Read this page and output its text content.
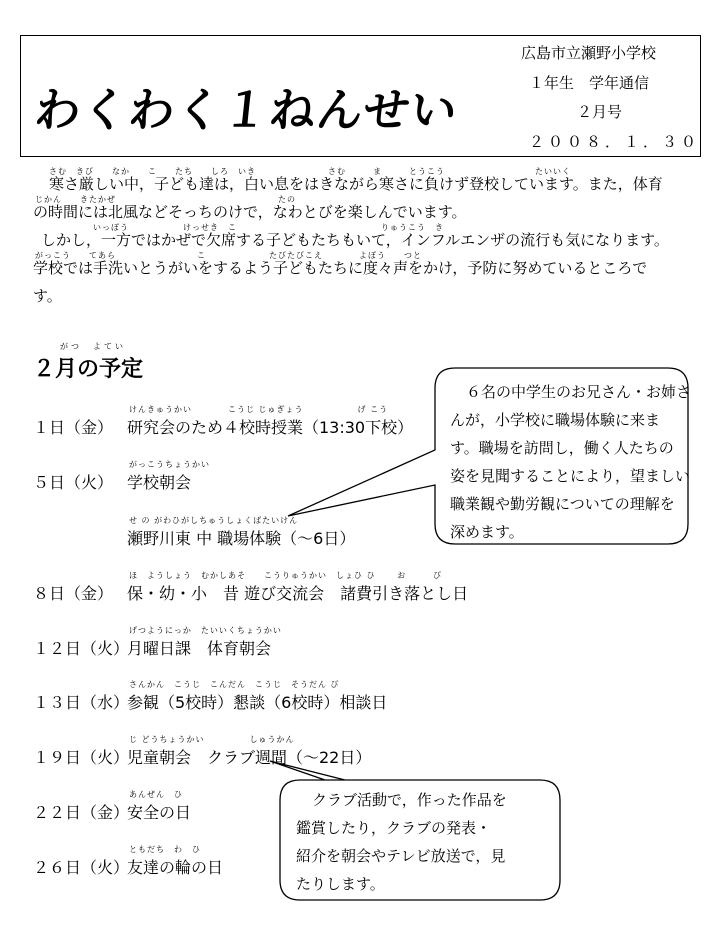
わくわく１ねんせい
広島市立瀬野小学校
１年生　学年通信
２月号
２００８．１．３０
さむ　きび　　なか　　こ　　たち　　しろ　いき　　　　　　　　さむ　　　ま　　　とうこう　　　　　　　　　　たいいく
寒さ厳しい中，子ども達は，白い息をはきながら寒さに負けず登校しています。また，体育
じかん　　きたかぜ　　　　　　　　　　　　　　　　　　たの
の時間には北風などそっちのけで，なわとびを楽しんでいます。
いっぽう　　　　　　けっせき　こ　　　　　　　　　　　　　　　　りゅうこう　き
しかし，一方ではかぜで欠席する子どもたちもいて，インフルエンザの流行も気になります。
がっこう　　てあら　　　　　　　　　こ　　　　　　　たびたびこえ　　　　よぼう　　つと
学校では手洗いとうがいをするよう子どもたちに度々声をかけ，予防に努めているところで
す。
がつ　よてい
２月の予定
けんきゅうかい　　　　こうじ じゅぎょう　　　　　　げ こう
１日（金） 研究会のため４校時授業（13:30下校）
がっこうちょうかい
５日（火） 学校朝会
せ の がわひがしちゅうしょくばたいけん
瀬野川東 中 職場体験（～6日）
ほ　ようしょう　むかしあそ　　こうりゅうかい　しょひ ひ　　 お　　　び
８日（金） 保・幼・小　昔 遊び交流会　諸費引き落とし日
げつようにっか　たいいくちょうかい
１２日（火）月曜日課　体育朝会
さんかん　こうじ　こんだん　こうじ　そうだん び
１３日（水）参観（5校時）懇談（6校時）相談日
じ どうちょうかい　　　　　しゅうかん
１９日（火）児童朝会　クラブ週間（～22日）
あんぜん　ひ
２２日（金）安全の日
ともだち　わ　ひ
２６日（火）友達の輪の日
６名の中学生のお兄さん・お姉さ
んが，小学校に職場体験に来ま
す。職場を訪問し，働く人たちの
姿を見聞することにより，望ましい
職業観や勤労観についての理解を
深めます。
クラブ活動で，作った作品を
鑑賞したり，クラブの発表・
紹介を朝会やテレビ放送で，見
たりします。
